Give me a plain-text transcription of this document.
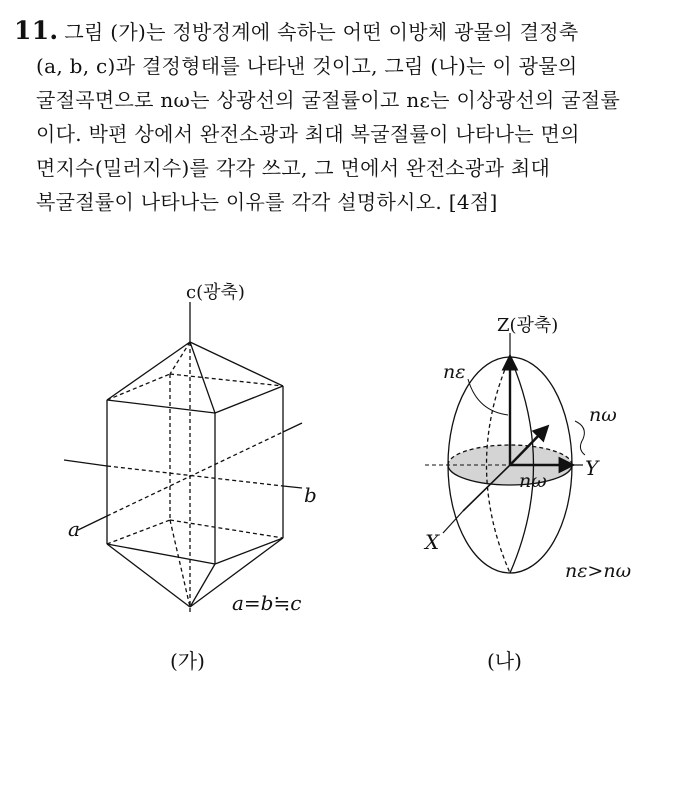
11. 그림 (가)는 정방정계에 속하는 어떤 이방체 광물의 결정축
(a, b, c)과 결정형태를 나타낸 것이고, 그림 (나)는 이 광물의
굴절곡면으로 nω는 상광선의 굴절률이고 nε는 이상광선의 굴절률
이다. 박편 상에서 완전소광과 최대 복굴절률이 나타나는 면의
면지수(밀러지수)를 각각 쓰고, 그 면에서 완전소광과 최대
복굴절률이 나타나는 이유를 각각 설명하시오. [4점]
c(광축)
b
a
a=b≒c
(가)
Z(광축)
nε
nω
Y
nω
X
nε>nω
(나)
